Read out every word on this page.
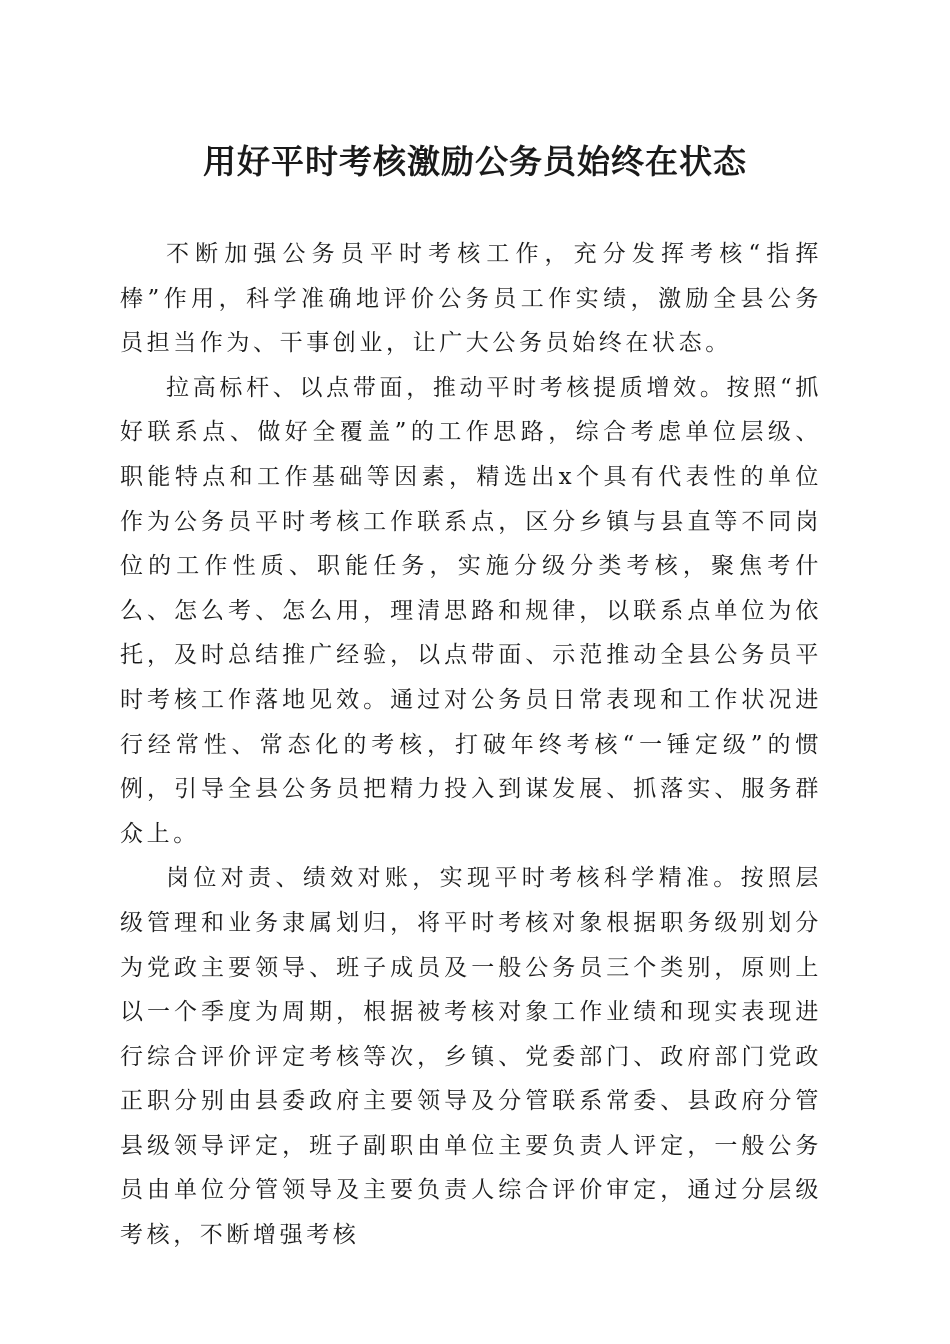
用好平时考核激励公务员始终在状态

不断加强公务员平时考核工作，充分发挥考核“指挥棒”作用，科学准确地评价公务员工作实绩，激励全县公务员担当作为、干事创业，让广大公务员始终在状态。

拉高标杆、以点带面，推动平时考核提质增效。按照“抓好联系点、做好全覆盖”的工作思路，综合考虑单位层级、职能特点和工作基础等因素，精选出x个具有代表性的单位作为公务员平时考核工作联系点，区分乡镇与县直等不同岗位的工作性质、职能任务，实施分级分类考核，聚焦考什么、怎么考、怎么用，理清思路和规律，以联系点单位为依托，及时总结推广经验，以点带面、示范推动全县公务员平时考核工作落地见效。通过对公务员日常表现和工作状况进行经常性、常态化的考核，打破年终考核“一锤定级”的惯例，引导全县公务员把精力投入到谋发展、抓落实、服务群众上。

岗位对责、绩效对账，实现平时考核科学精准。按照层级管理和业务隶属划归，将平时考核对象根据职务级别划分为党政主要领导、班子成员及一般公务员三个类别，原则上以一个季度为周期，根据被考核对象工作业绩和现实表现进行综合评价评定考核等次，乡镇、党委部门、政府部门党政正职分别由县委政府主要领导及分管联系常委、县政府分管县级领导评定，班子副职由单位主要负责人评定，一般公务员由单位分管领导及主要负责人综合评价审定，通过分层级考核，不断增强考核
